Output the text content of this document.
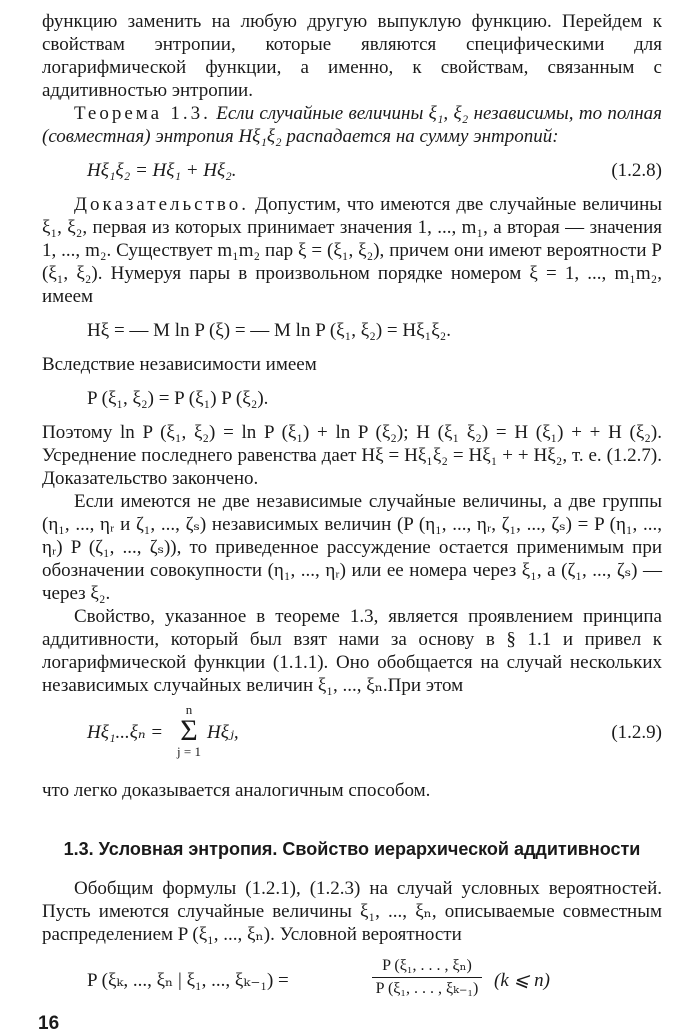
функцию заменить на любую другую выпуклую функцию. Перейдем к свойствам энтропии, которые являются специфическими для логарифмической функции, а именно, к свойствам, связанным с аддитивностью энтропии.

Теорема 1.3. Если случайные величины ξ₁, ξ₂ независимы, то полная (совместная) энтропия Hξ₁ξ₂ распадается на сумму энтропий:

Hξ₁ξ₂ = Hξ₁ + Hξ₂.	(1.2.8)

Доказательство. Допустим, что имеются две случайные величины ξ₁, ξ₂, первая из которых принимает значения 1, ..., m₁, а вторая — значения 1, ..., m₂. Существует m₁m₂ пар ξ = (ξ₁, ξ₂), причем они имеют вероятности P (ξ₁, ξ₂). Нумеруя пары в произвольном порядке номером ξ = 1, ..., m₁m₂, имеем

Hξ = — M ln P (ξ) = — M ln P (ξ₁, ξ₂) = Hξ₁ξ₂.

Вследствие независимости имеем

P (ξ₁, ξ₂) = P (ξ₁) P (ξ₂).

Поэтому ln P (ξ₁, ξ₂) = ln P (ξ₁) + ln P (ξ₂); H (ξ₁ ξ₂) = H (ξ₁) + + H (ξ₂). Усреднение последнего равенства дает Hξ = Hξ₁ξ₂ = Hξ₁ + + Hξ₂, т. е. (1.2.7). Доказательство закончено.

Если имеются не две независимые случайные величины, а две группы (η₁, ..., ηᵣ и ζ₁, ..., ζₛ) независимых величин (P (η₁, ..., ηᵣ, ζ₁, ..., ζₛ) = P (η₁, ..., ηᵣ) P (ζ₁, ..., ζₛ)), то приведенное рассуждение остается применимым при обозначении совокупности (η₁, ..., ηᵣ) или ее номера через ξ₁, а (ζ₁, ..., ζₛ) — через ξ₂.

Свойство, указанное в теореме 1.3, является проявлением принципа аддитивности, который был взят нами за основу в § 1.1 и привел к логарифмической функции (1.1.1). Оно обобщается на случай нескольких независимых случайных величин ξ₁, ..., ξₙ.При этом

Hξ₁...ξₙ =
n
Σ
j = 1
Hξⱼ,	(1.2.9)

что легко доказывается аналогичным способом.

1.3. Условная энтропия. Свойство иерархической аддитивности

Обобщим формулы (1.2.1), (1.2.3) на случай условных вероятностей. Пусть имеются случайные величины ξ₁, ..., ξₙ, описываемые совместным распределением P (ξ₁, ..., ξₙ). Условной вероятности

P (ξₖ, ..., ξₙ | ξ₁, ..., ξₖ₋₁) =
P (ξ₁, . . . , ξₙ)
P (ξ₁, . . . , ξₖ₋₁) (k ⩽ n)
16
